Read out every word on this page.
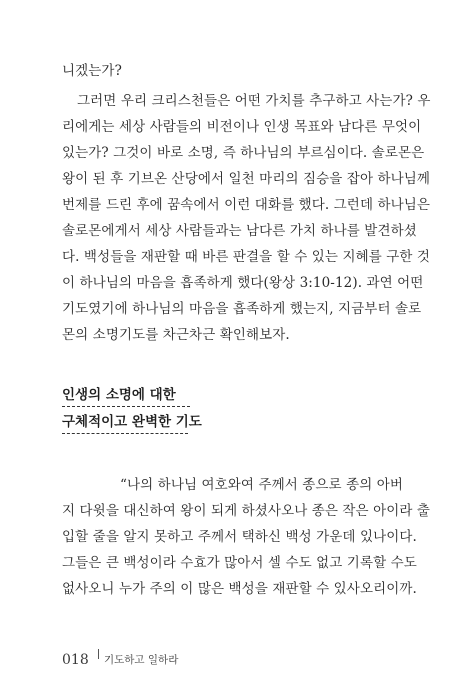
니겠는가?
그러면 우리 크리스천들은 어떤 가치를 추구하고 사는가? 우
리에게는 세상 사람들의 비전이나 인생 목표와 남다른 무엇이
있는가? 그것이 바로 소명, 즉 하나님의 부르심이다. 솔로몬은
왕이 된 후 기브온 산당에서 일천 마리의 짐승을 잡아 하나님께
번제를 드린 후에 꿈속에서 이런 대화를 했다. 그런데 하나님은
솔로몬에게서 세상 사람들과는 남다른 가치 하나를 발견하셨
다. 백성들을 재판할 때 바른 판결을 할 수 있는 지혜를 구한 것
이 하나님의 마음을 흡족하게 했다(왕상 3:10-12). 과연 어떤
기도였기에 하나님의 마음을 흡족하게 했는지, 지금부터 솔로
몬의 소명기도를 차근차근 확인해보자.
인생의 소명에 대한
구체적이고 완벽한 기도
“나의 하나님 여호와여 주께서 종으로 종의 아버
지 다윗을 대신하여 왕이 되게 하셨사오나 종은 작은 아이라 출
입할 줄을 알지 못하고 주께서 택하신 백성 가운데 있나이다.
그들은 큰 백성이라 수효가 많아서 셀 수도 없고 기록할 수도
없사오니 누가 주의 이 많은 백성을 재판할 수 있사오리이까.
018 기도하고 일하라
